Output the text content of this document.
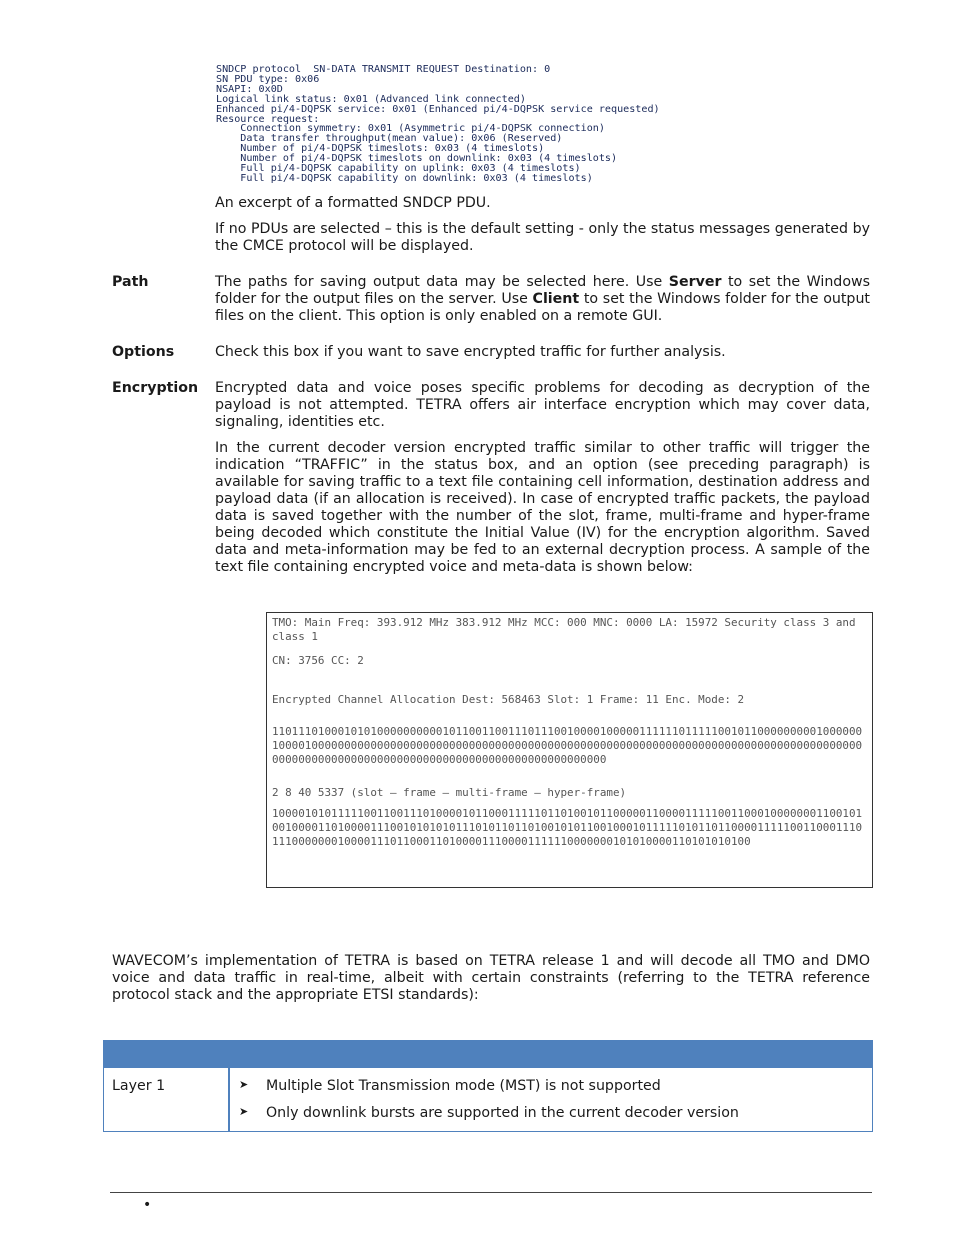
SNDCP protocol  SN-DATA TRANSMIT REQUEST Destination: 0
SN PDU type: 0x06
NSAPI: 0x0D
Logical link status: 0x01 (Advanced link connected)
Enhanced pi/4-DQPSK service: 0x01 (Enhanced pi/4-DQPSK service requested)
Resource request:
Connection symmetry: 0x01 (Asymmetric pi/4-DQPSK connection)
Data transfer throughput(mean value): 0x06 (Reserved)
Number of pi/4-DQPSK timeslots: 0x03 (4 timeslots)
Number of pi/4-DQPSK timeslots on downlink: 0x03 (4 timeslots)
Full pi/4-DQPSK capability on uplink: 0x03 (4 timeslots)
Full pi/4-DQPSK capability on downlink: 0x03 (4 timeslots)
An excerpt of a formatted SNDCP PDU.
If no PDUs are selected – this is the default setting - only the status messages generated by the CMCE protocol will be displayed.
Path	The paths for saving output data may be selected here. Use Server to set the Windows folder for the output files on the server. Use Client to set the Windows folder for the output files on the client. This option is only enabled on a remote GUI.
Options	Check this box if you want to save encrypted traffic for further analysis.
Encryption Encrypted data and voice poses specific problems for decoding as decryption of the payload is not attempted. TETRA offers air interface encryption which may cover data, signaling, identities etc.
In the current decoder version encrypted traffic similar to other traffic will trigger the indication “TRAFFIC” in the status box, and an option (see preceding paragraph) is available for saving traffic to a text file containing cell information, destination address and payload data (if an allocation is received). In case of encrypted traffic packets, the payload data is saved together with the number of the slot, frame, multi-frame and hyper-frame being decoded which constitute the Initial Value (IV) for the encryption algorithm. Saved data and meta-information may be fed to an external decryption process. A sample of the text file containing encrypted voice and meta-data is shown below:
TMO: Main Freq: 393.912 MHz 383.912 MHz MCC: 000 MNC: 0000 LA: 15972 Security class 3 and class 1
CN: 3756 CC: 2
Encrypted Channel Allocation Dest: 568463 Slot: 1 Frame: 11 Enc. Mode: 2
110111010001010100000000001011001100111011100100001000001111110111110010110000000001000000100001000000000000000000000000000000000000000000000000000000000000000000000000000000000000000000000000000000000000000000000000000000000000000
2 8 40 5337 (slot – frame – multi-frame – hyper-frame)
1000010101111100110011101000010110001111101101001011000001100001111100110001000000011001010010000110100001110010101010111010110110100101011001000101111101011011000011111001100011101110000000100001110110001101000011100001111110000000101010000110101010100
WAVECOM’s implementation of TETRA is based on TETRA release 1 and will decode all TMO and DMO voice and data traffic in real-time, albeit with certain constraints (referring to the TETRA reference protocol stack and the appropriate ETSI standards):
Layer 1	➤ Multiple Slot Transmission mode (MST) is not supported
➤ Only downlink bursts are supported in the current decoder version
•
